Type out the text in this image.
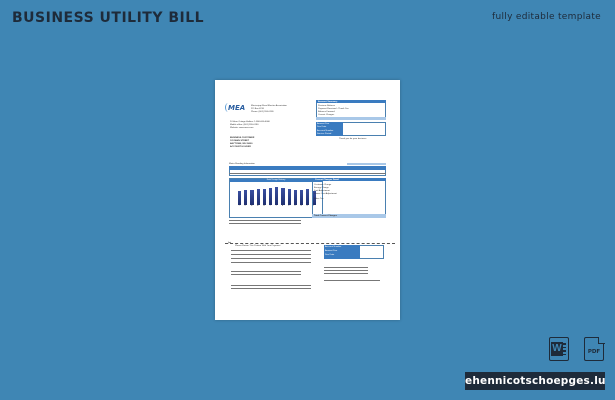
BUSINESS UTILITY BILL	fully editable template
MEA	Mississippi Rural Electric Association
PO Box 4210
Phone: (601) 555-0180
24 Hour Outage Hotline: 1-800-000-0000
Mobile office: (601) 555-0180
Website: www.mea.com
BUSINESS CUSTOMER
123 MAIN STREET
ANYTOWN, MS 39000
ACCOUNT HOLDER
Account Summary
Previous Balance
Payment Received - Thank You
Balance Forward
Current Charges
Amount Due
Due Date
Account Number
Service Period
Thank you for your business
Meter Reading Information
Kwh Usage History
J	F	M	A	M	J	J	A	S	O	N	D	J
Current Charges Detail
Customer Charge
Energy Charge
Fuel Adjustment
Power Cost Adjustment
Sales Tax
Total Current Charges
✂
Please Return This Portion With Your Payment	Account Number
Amount Due
Due Date
W	PDF
ehennicotschoepges.lu
